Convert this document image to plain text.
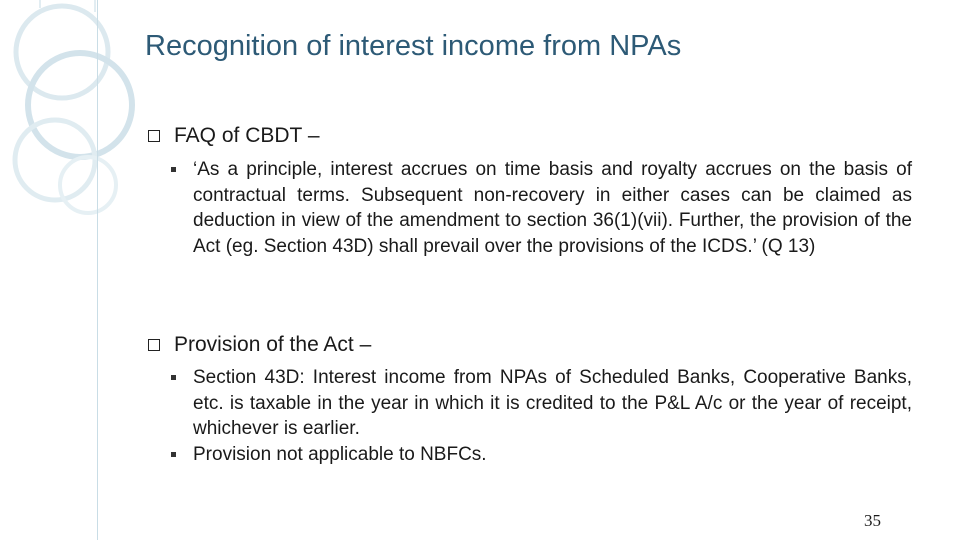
Recognition of interest income from NPAs
FAQ of CBDT –
‘As a principle, interest accrues on time basis and royalty accrues on the basis of contractual terms. Subsequent non-recovery in either cases can be claimed as deduction in view of the amendment to section 36(1)(vii). Further, the provision of the Act (eg. Section 43D) shall prevail over the provisions of the ICDS.’ (Q 13)
Provision of the Act –
Section 43D: Interest income from NPAs of Scheduled Banks, Cooperative Banks, etc. is taxable in the year in which it is credited to the P&L A/c or the year of receipt, whichever is earlier.
Provision not applicable to NBFCs.
35
